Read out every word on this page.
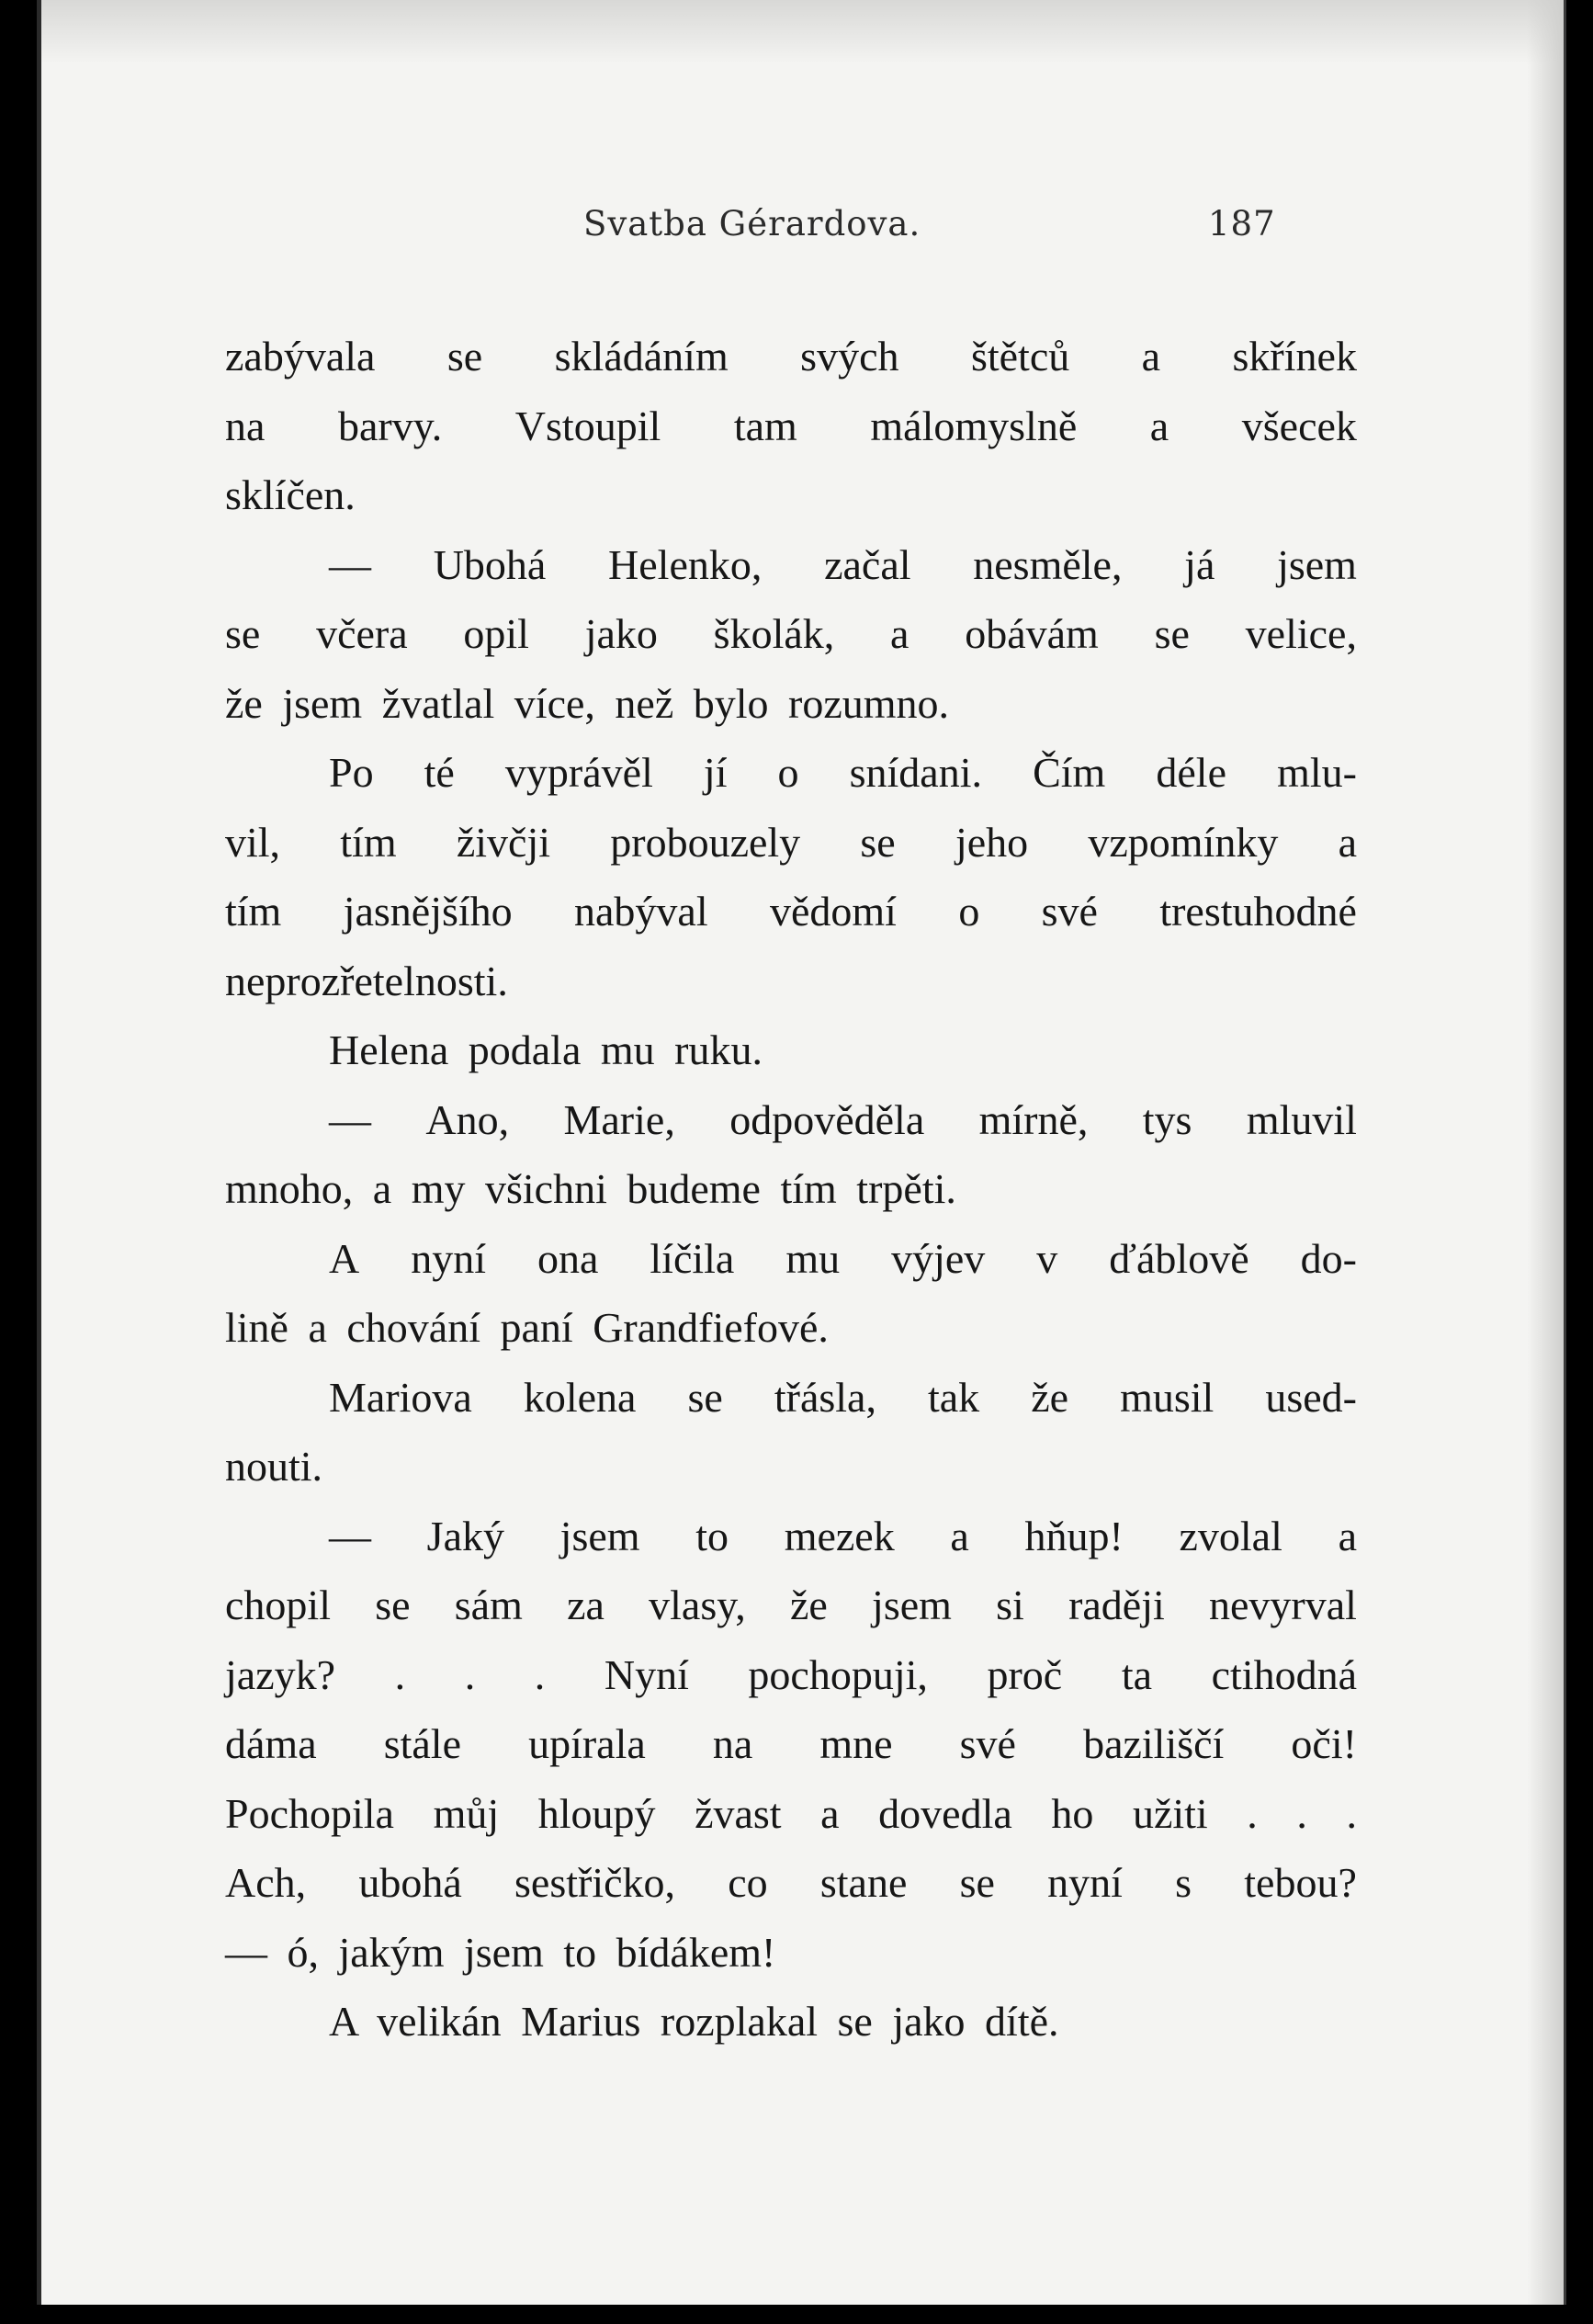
Svatba Gérardova.	187
zabývala se skládáním svých štětců a skřínek
na barvy. Vstoupil tam málomyslně a všecek
sklíčen.
— Ubohá Helenko, začal nesměle, já jsem
se včera opil jako školák, a obávám se velice,
že jsem žvatlal více, než bylo rozumno.
Po té vyprávěl jí o snídani. Čím déle mlu-
vil, tím živčji probouzely se jeho vzpomínky a
tím jasnějšího nabýval vědomí o své trestuhodné
neprozřetelnosti.
Helena podala mu ruku.
— Ano, Marie, odpověděla mírně, tys mluvil
mnoho, a my všichni budeme tím trpěti.
A nyní ona líčila mu výjev v ďáblově do-
lině a chování paní Grandfiefové.
Mariova kolena se třásla, tak že musil used-
nouti.
— Jaký jsem to mezek a hňup! zvolal a
chopil se sám za vlasy, že jsem si raději nevyrval
jazyk? . . . Nyní pochopuji, proč ta ctihodná
dáma stále upírala na mne své baziliščí oči!
Pochopila můj hloupý žvast a dovedla ho užiti . . .
Ach, ubohá sestřičko, co stane se nyní s tebou?
— ó, jakým jsem to bídákem!
A velikán Marius rozplakal se jako dítě.
